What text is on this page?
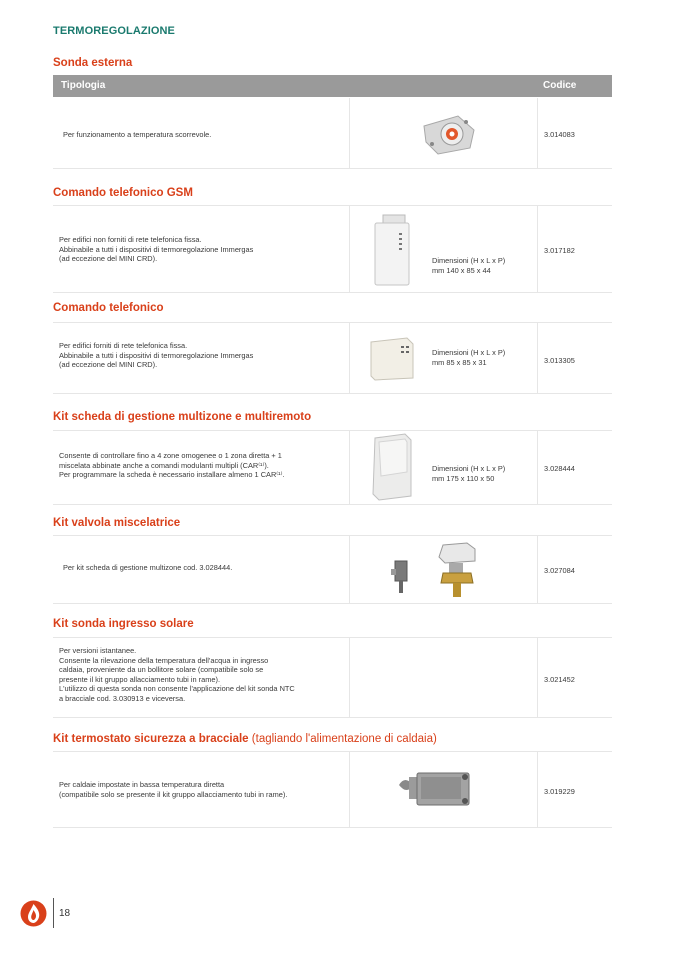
TERMOREGOLAZIONE
Sonda esterna
Tipologia	Codice
Per funzionamento a temperatura scorrevole.	3.014083
Comando telefonico GSM
Per edifici non forniti di rete telefonica fissa.
Abbinabile a tutti i dispositivi di termoregolazione Immergas
(ad eccezione del MINI CRD).	Dimensioni (H x L x P)
mm 140 x 85 x 44
3.017182
Comando telefonico
Per edifici forniti di rete telefonica fissa.
Abbinabile a tutti i dispositivi di termoregolazione Immergas
(ad eccezione del MINI CRD).
Dimensioni (H x L x P)
mm 85 x 85 x 31	3.013305
Kit scheda di gestione multizone e multiremoto
Consente di controllare fino a 4 zone omogenee o 1 zona diretta + 1
miscelata abbinate anche a comandi modulanti multipli (CAR⁽¹⁾).
Per programmare la scheda è necessario installare almeno 1 CAR⁽¹⁾.
Dimensioni (H x L x P)
mm 175 x 110 x 50
3.028444
Kit valvola miscelatrice
Per kit scheda di gestione multizone cod. 3.028444.	3.027084
Kit sonda ingresso solare
Per versioni istantanee.
Consente la rilevazione della temperatura dell'acqua in ingresso
caldaia, proveniente da un bollitore solare (compatibile solo se
presente il kit gruppo allacciamento tubi in rame).
L'utilizzo di questa sonda non consente l'applicazione del kit sonda NTC
a bracciale cod. 3.030913 e viceversa.
3.021452
Kit termostato sicurezza a bracciale (tagliando l'alimentazione di caldaia)
Per caldaie impostate in bassa temperatura diretta
(compatibile solo se presente il kit gruppo allacciamento tubi in rame).	3.019229
18
